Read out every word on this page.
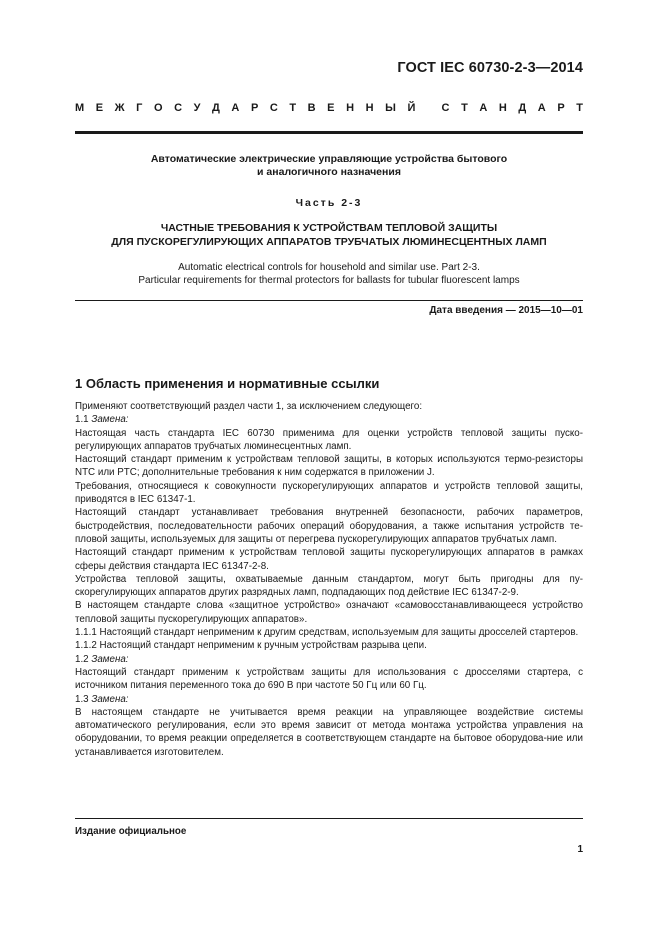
ГОСТ IEC 60730-2-3—2014
М Е Ж Г О С У Д А Р С Т В Е Н Н Ы Й
С Т А Н Д А Р Т

Автоматические электрические управляющие устройства бытового
и аналогичного назначения

Часть 2-3

ЧАСТНЫЕ ТРЕБОВАНИЯ К УСТРОЙСТВАМ ТЕПЛОВОЙ ЗАЩИТЫ
ДЛЯ ПУСКОРЕГУЛИРУЮЩИХ АППАРАТОВ ТРУБЧАТЫХ ЛЮМИНЕСЦЕНТНЫХ ЛАМП

Automatic electrical controls for household and similar use. Part 2-3.
Particular requirements for thermal protectors for ballasts for tubular fluorescent lamps

Дата введения — 2015—10—01
1 Область применения и нормативные ссылки

Применяют соответствующий раздел части 1, за исключением следующего:

1.1 Замена:

Настоящая часть стандарта IEC 60730 применима для оценки устройств тепловой защиты пуско-регулирующих аппаратов трубчатых люминесцентных ламп.

Настоящий стандарт применим к устройствам тепловой защиты, в которых используются термо-резисторы NTC или PTC; дополнительные требования к ним содержатся в приложении J.

Требования, относящиеся к совокупности пускорегулирующих аппаратов и устройств тепловой защиты, приводятся в IEC 61347-1.

Настоящий стандарт устанавливает требования внутренней безопасности, рабочих параметров, быстродействия, последовательности рабочих операций оборудования, а также испытания устройств те-пловой защиты, используемых для защиты от перегрева пускорегулирующих аппаратов трубчатых ламп.

Настоящий стандарт применим к устройствам тепловой защиты пускорегулирующих аппаратов в рамках сферы действия стандарта IEC 61347-2-8.

Устройства тепловой защиты, охватываемые данным стандартом, могут быть пригодны для пу-скорегулирующих аппаратов других разрядных ламп, подпадающих под действие IEC 61347-2-9.

В настоящем стандарте слова «защитное устройство» означают «самовосстанавливающееся устройство тепловой защиты пускорегулирующих аппаратов».

1.1.1 Настоящий стандарт неприменим к другим средствам, используемым для защиты дросселей стартеров.

1.1.2 Настоящий стандарт неприменим к ручным устройствам разрыва цепи.

1.2 Замена:

Настоящий стандарт применим к устройствам защиты для использования с дросселями стартера, с источником питания переменного тока до 690 В при частоте 50 Гц или 60 Гц.

1.3 Замена:

В настоящем стандарте не учитывается время реакции на управляющее воздействие системы автоматического регулирования, если это время зависит от метода монтажа устройства управления на оборудовании, то время реакции определяется в соответствующем стандарте на бытовое оборудова-ние или устанавливается изготовителем.

Издание официальное
1
